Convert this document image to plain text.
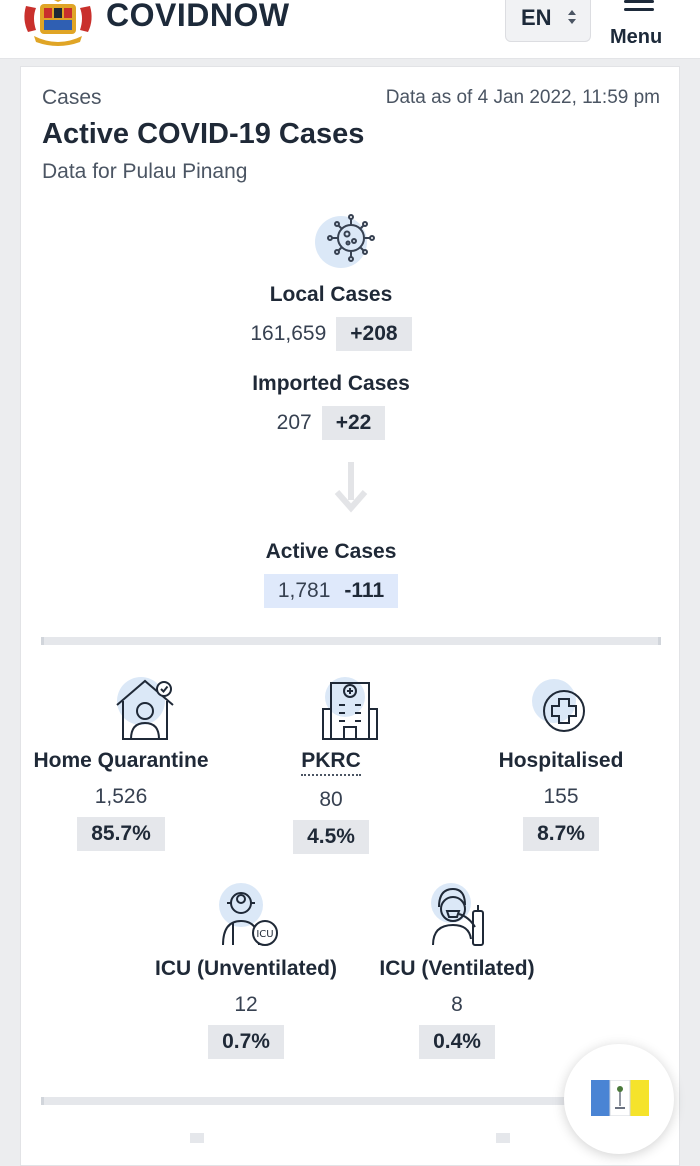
COVIDNOW	EN
Menu
Cases	Data as of 4 Jan 2022, 11:59 pm
Active COVID-19 Cases
Data for Pulau Pinang
Local Cases
161,659	+208
Imported Cases
207	+22
Active Cases
1,781 -111
Home Quarantine
1,526
85.7%
PKRC
80
4.5%
Hospitalised
155
8.7%
ICU
ICU (Unventilated)
12
0.7%
ICU (Ventilated)
8
0.4%
